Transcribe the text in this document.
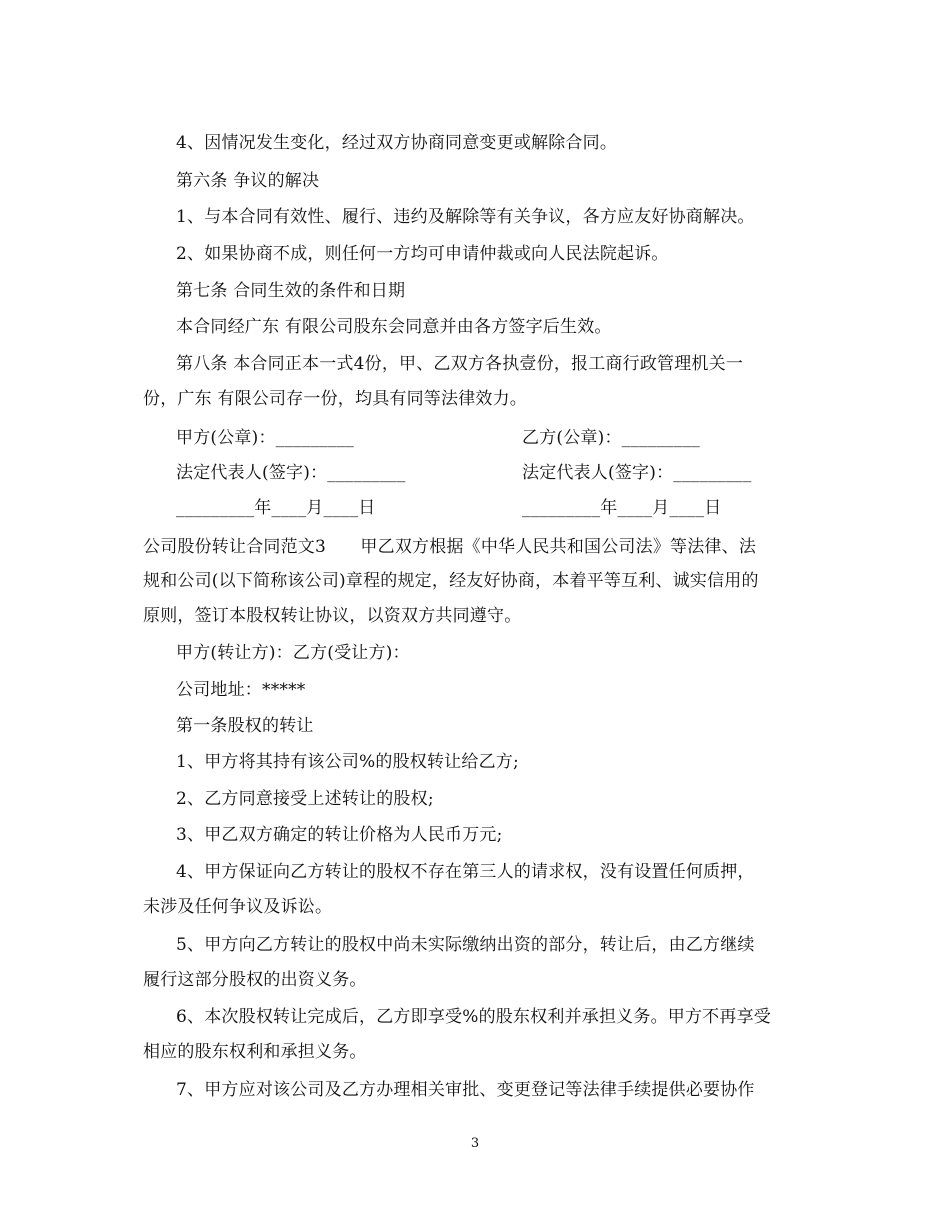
4、因情况发生变化，经过双方协商同意变更或解除合同。
第六条 争议的解决
1、与本合同有效性、履行、违约及解除等有关争议，各方应友好协商解决。
2、如果协商不成，则任何一方均可申请仲裁或向人民法院起诉。
第七条 合同生效的条件和日期
本合同经广东 有限公司股东会同意并由各方签字后生效。
第八条 本合同正本一式4份，甲、乙双方各执壹份，报工商行政管理机关一
份，广东 有限公司存一份，均具有同等法律效力。
甲方(公章)：_________	乙方(公章)：_________
法定代表人(签字)：_________	法定代表人(签字)：_________
_________年____月____日	_________年____月____日
公司股份转让合同范文3　　甲乙双方根据《中华人民共和国公司法》等法律、法
规和公司(以下简称该公司)章程的规定，经友好协商，本着平等互利、诚实信用的
原则，签订本股权转让协议，以资双方共同遵守。
甲方(转让方)：乙方(受让方)：
公司地址：*****
第一条股权的转让
1、甲方将其持有该公司%的股权转让给乙方;
2、乙方同意接受上述转让的股权;
3、甲乙双方确定的转让价格为人民币万元;
4、甲方保证向乙方转让的股权不存在第三人的请求权，没有设置任何质押，
未涉及任何争议及诉讼。
5、甲方向乙方转让的股权中尚未实际缴纳出资的部分，转让后，由乙方继续
履行这部分股权的出资义务。
6、本次股权转让完成后，乙方即享受%的股东权利并承担义务。甲方不再享受
相应的股东权利和承担义务。
7、甲方应对该公司及乙方办理相关审批、变更登记等法律手续提供必要协作
3
